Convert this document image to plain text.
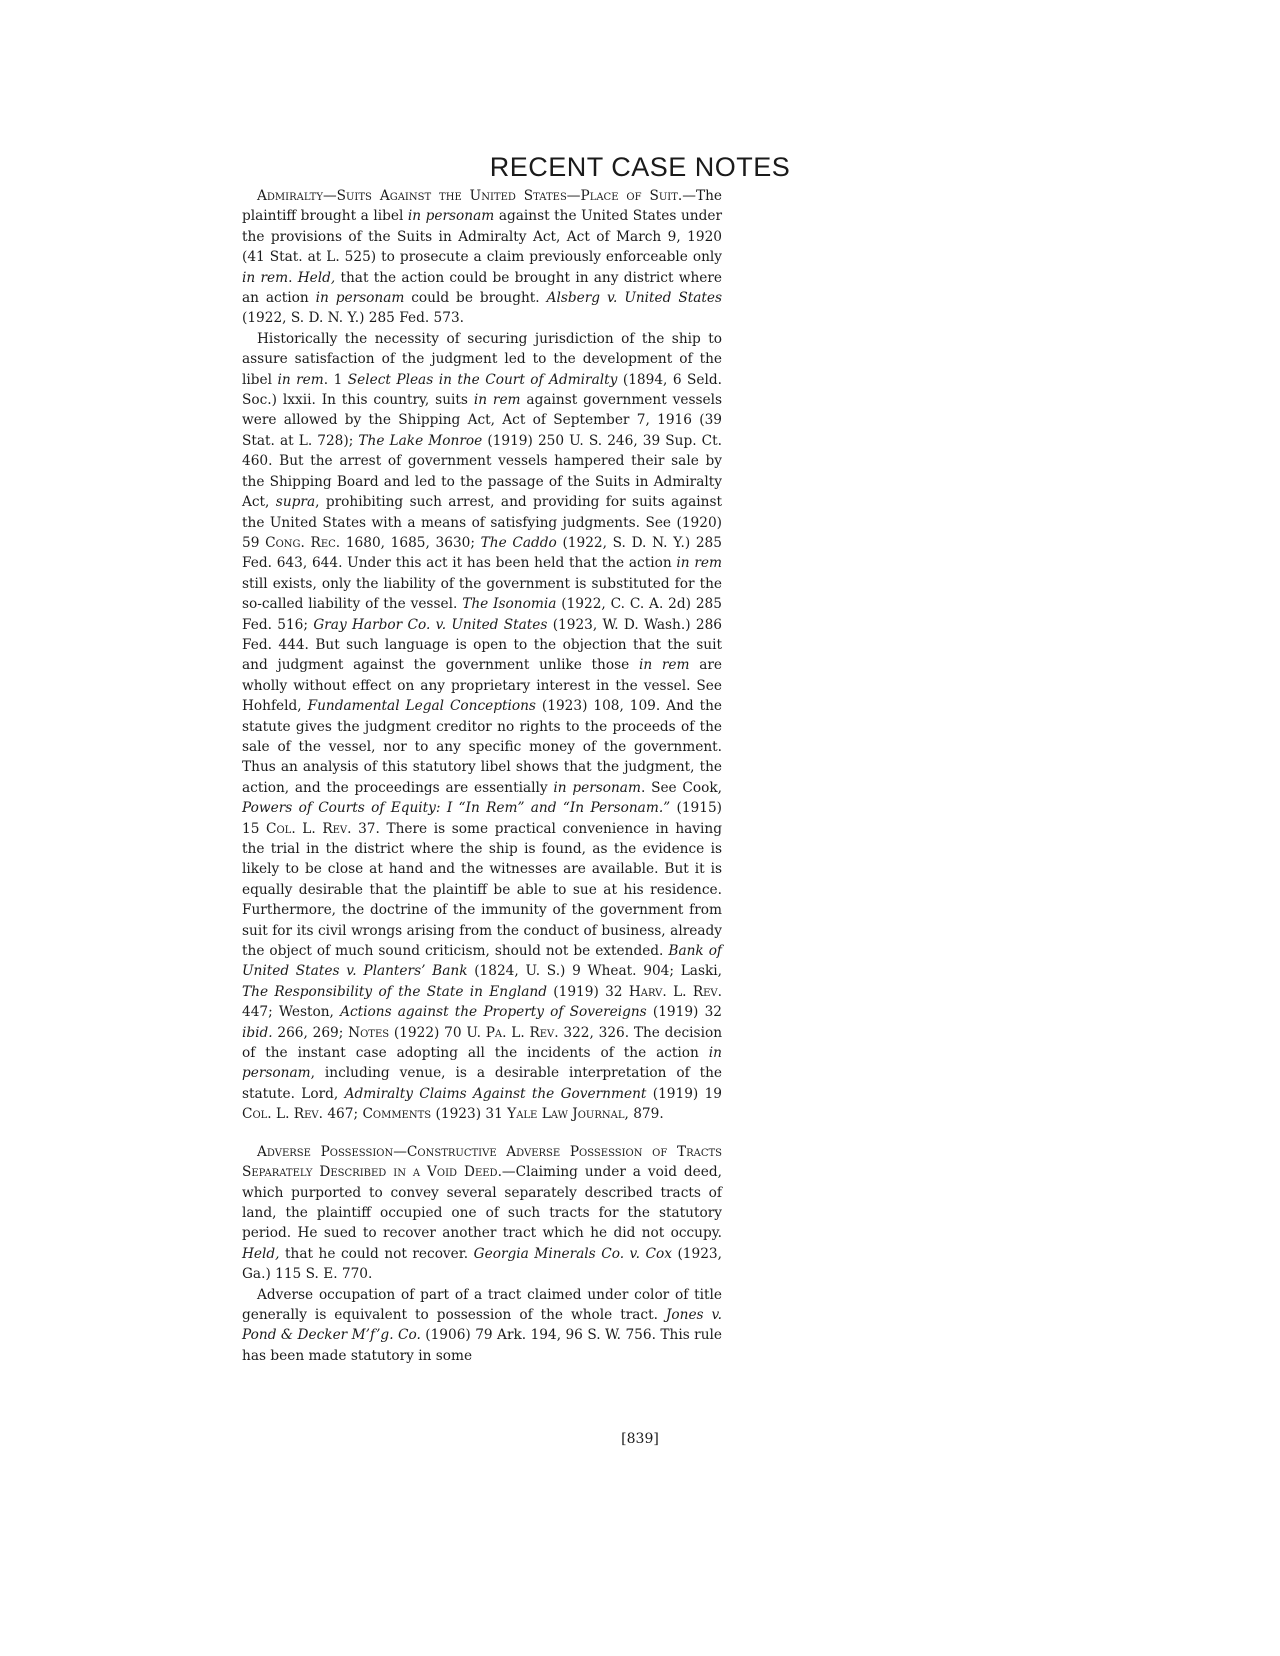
RECENT CASE NOTES

Admiralty—Suits Against the United States—Place of Suit.—The plaintiff brought a libel in personam against the United States under the provisions of the Suits in Admiralty Act, Act of March 9, 1920 (41 Stat. at L. 525) to prosecute a claim previously enforceable only in rem. Held, that the action could be brought in any district where an action in personam could be brought. Alsberg v. United States (1922, S. D. N. Y.) 285 Fed. 573.

Historically the necessity of securing jurisdiction of the ship to assure satisfaction of the judgment led to the development of the libel in rem. 1 Select Pleas in the Court of Admiralty (1894, 6 Seld. Soc.) lxxii. In this country, suits in rem against government vessels were allowed by the Shipping Act, Act of September 7, 1916 (39 Stat. at L. 728); The Lake Monroe (1919) 250 U. S. 246, 39 Sup. Ct. 460. But the arrest of government vessels hampered their sale by the Shipping Board and led to the passage of the Suits in Admiralty Act, supra, prohibiting such arrest, and providing for suits against the United States with a means of satisfying judgments. See (1920) 59 Cong. Rec. 1680, 1685, 3630; The Caddo (1922, S. D. N. Y.) 285 Fed. 643, 644. Under this act it has been held that the action in rem still exists, only the liability of the government is substituted for the so-called liability of the vessel. The Isonomia (1922, C. C. A. 2d) 285 Fed. 516; Gray Harbor Co. v. United States (1923, W. D. Wash.) 286 Fed. 444. But such language is open to the objection that the suit and judgment against the government unlike those in rem are wholly without effect on any proprietary interest in the vessel. See Hohfeld, Fundamental Legal Conceptions (1923) 108, 109. And the statute gives the judgment creditor no rights to the proceeds of the sale of the vessel, nor to any specific money of the government. Thus an analysis of this statutory libel shows that the judgment, the action, and the proceedings are essentially in personam. See Cook, Powers of Courts of Equity: I “In Rem” and “In Personam.” (1915) 15 Col. L. Rev. 37. There is some practical convenience in having the trial in the district where the ship is found, as the evidence is likely to be close at hand and the witnesses are available. But it is equally desirable that the plaintiff be able to sue at his residence. Furthermore, the doctrine of the immunity of the government from suit for its civil wrongs arising from the conduct of business, already the object of much sound criticism, should not be extended. Bank of United States v. Planters’ Bank (1824, U. S.) 9 Wheat. 904; Laski, The Responsibility of the State in England (1919) 32 Harv. L. Rev. 447; Weston, Actions against the Property of Sovereigns (1919) 32 ibid. 266, 269; Notes (1922) 70 U. Pa. L. Rev. 322, 326. The decision of the instant case adopting all the incidents of the action in personam, including venue, is a desirable interpretation of the statute. Lord, Admiralty Claims Against the Government (1919) 19 Col. L. Rev. 467; Comments (1923) 31 Yale Law Journal, 879.

Adverse Possession—Constructive Adverse Possession of Tracts Separately Described in a Void Deed.—Claiming under a void deed, which purported to convey several separately described tracts of land, the plaintiff occupied one of such tracts for the statutory period. He sued to recover another tract which he did not occupy. Held, that he could not recover. Georgia Minerals Co. v. Cox (1923, Ga.) 115 S. E. 770.

Adverse occupation of part of a tract claimed under color of title generally is equivalent to possession of the whole tract. Jones v. Pond & Decker M’f’g. Co. (1906) 79 Ark. 194, 96 S. W. 756. This rule has been made statutory in some

[839]
